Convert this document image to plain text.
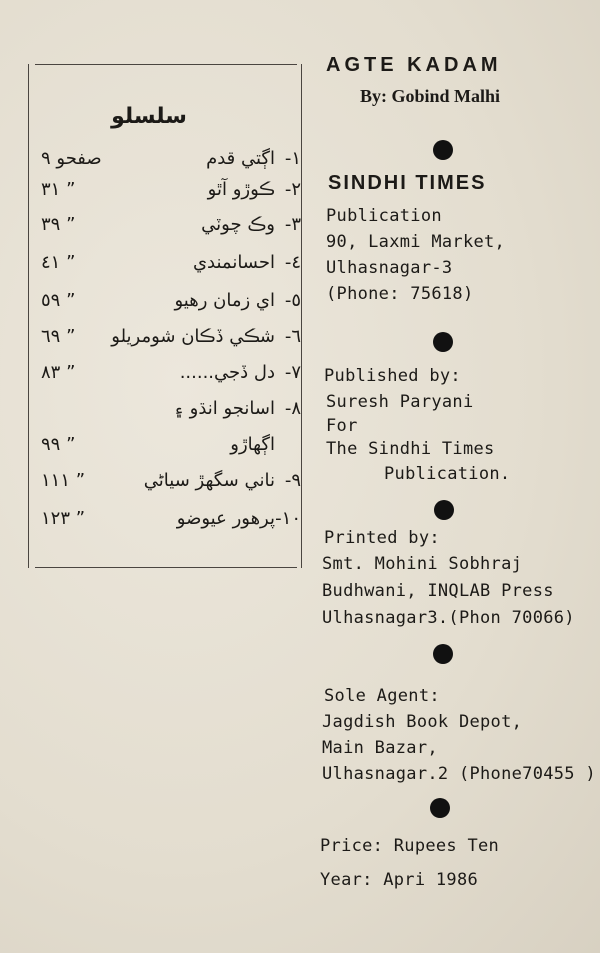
سلسلو
١-
اڳتي قدم
صفحو ٩
٢-
ڪوڙو آٿو
” ٣١
٣-
وڪ چوٽي
” ٣٩
٤-
احسانمندي
” ٤١
٥-
اي زمان رهيو
” ٥٩
٦-
شڪي ڏڪان شومريلو
” ٦٩
٧-
دل ڏجي......
” ٨٣
٨-
اسانجو انڌو ۽
اڳهاڙو
” ٩٩
٩-
ناني سگهڙ سياڻي
” ١١١
١٠-
پرهور عيوضو
” ١٢٣
AGTE KADAM
By: Gobind Malhi
SINDHI TIMES
Publication
90, Laxmi Market,
Ulhasnagar-3
(Phone: 75618)
Published by:
Suresh Paryani
For
The Sindhi Times
Publication.
Printed by:
Smt. Mohini Sobhraj
Budhwani, INQLAB Press
Ulhasnagar3.(Phon 70066)
Sole Agent:
Jagdish Book Depot,
Main Bazar,
Ulhasnagar.2 (Phone70455 )
Price: Rupees Ten
Year: Apri 1986
